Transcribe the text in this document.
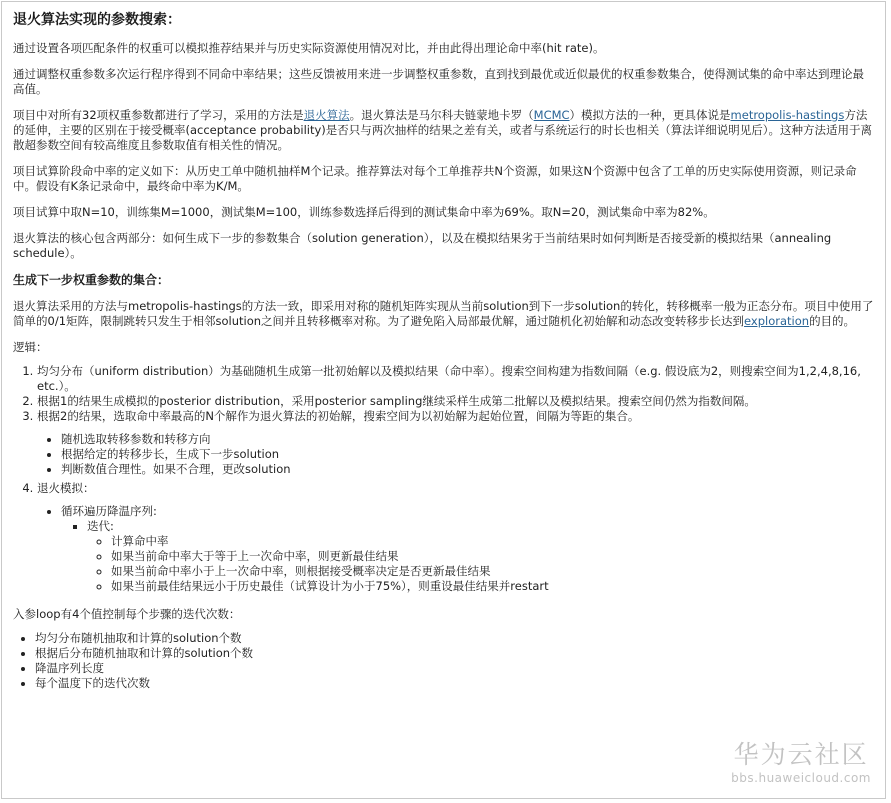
退火算法实现的参数搜索：

通过设置各项匹配条件的权重可以模拟推荐结果并与历史实际资源使用情况对比，并由此得出理论命中率(hit rate)。

通过调整权重参数多次运行程序得到不同命中率结果；这些反馈被用来进一步调整权重参数，直到找到最优或近似最优的权重参数集合，使得测试集的命中率达到理论最高值。

项目中对所有32项权重参数都进行了学习，采用的方法是退火算法。退火算法是马尔科夫链蒙地卡罗（MCMC）模拟方法的一种，更具体说是metropolis-hastings方法的延伸，主要的区别在于接受概率(acceptance probability)是否只与两次抽样的结果之差有关，或者与系统运行的时长也相关（算法详细说明见后）。这种方法适用于离散超参数空间有较高维度且参数取值有相关性的情况。

项目试算阶段命中率的定义如下：从历史工单中随机抽样M个记录。推荐算法对每个工单推荐共N个资源，如果这N个资源中包含了工单的历史实际使用资源，则记录命中。假设有K条记录命中，最终命中率为K/M。

项目试算中取N=10，训练集M=1000，测试集M=100，训练参数选择后得到的测试集命中率为69%。取N=20，测试集命中率为82%。

退火算法的核心包含两部分：如何生成下一步的参数集合（solution generation），以及在模拟结果劣于当前结果时如何判断是否接受新的模拟结果（annealing schedule）。

生成下一步权重参数的集合：

退火算法采用的方法与metropolis-hastings的方法一致，即采用对称的随机矩阵实现从当前solution到下一步solution的转化，转移概率一般为正态分布。项目中使用了简单的0/1矩阵，限制跳转只发生于相邻solution之间并且转移概率对称。为了避免陷入局部最优解，通过随机化初始解和动态改变转移步长达到exploration的目的。

逻辑：

1. 均匀分布（uniform distribution）为基础随机生成第一批初始解以及模拟结果（命中率）。搜索空间构建为指数间隔（e.g. 假设底为2，则搜索空间为1,2,4,8,16, etc.）。
2. 根据1的结果生成模拟的posterior distribution，采用posterior sampling继续采样生成第二批解以及模拟结果。搜索空间仍然为指数间隔。
3. 根据2的结果，选取命中率最高的N个解作为退火算法的初始解，搜索空间为以初始解为起始位置，间隔为等距的集合。
• 随机选取转移参数和转移方向
• 根据给定的转移步长，生成下一步solution
• 判断数值合理性。如果不合理，更改solution
4. 退火模拟：
• 循环遍历降温序列:
▪ 迭代:
◦ 计算命中率
◦ 如果当前命中率大于等于上一次命中率，则更新最佳结果
◦ 如果当前命中率小于上一次命中率，则根据接受概率决定是否更新最佳结果
◦ 如果当前最佳结果远小于历史最佳（试算设计为小于75%），则重设最佳结果并restart

入参loop有4个值控制每个步骤的迭代次数：

• 均匀分布随机抽取和计算的solution个数
• 根据后分布随机抽取和计算的solution个数
• 降温序列长度
• 每个温度下的迭代次数
华为云社区
bbs.huaweicloud.com
